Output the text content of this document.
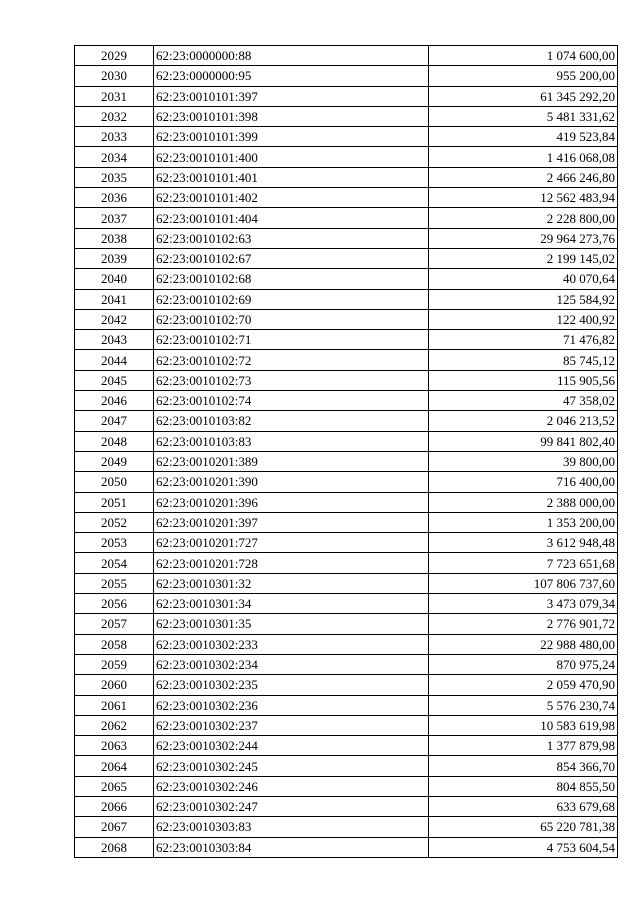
2029	62:23:0000000:88	1 074 600,00
2030	62:23:0000000:95	955 200,00
2031	62:23:0010101:397	61 345 292,20
2032	62:23:0010101:398	5 481 331,62
2033	62:23:0010101:399	419 523,84
2034	62:23:0010101:400	1 416 068,08
2035	62:23:0010101:401	2 466 246,80
2036	62:23:0010101:402	12 562 483,94
2037	62:23:0010101:404	2 228 800,00
2038	62:23:0010102:63	29 964 273,76
2039	62:23:0010102:67	2 199 145,02
2040	62:23:0010102:68	40 070,64
2041	62:23:0010102:69	125 584,92
2042	62:23:0010102:70	122 400,92
2043	62:23:0010102:71	71 476,82
2044	62:23:0010102:72	85 745,12
2045	62:23:0010102:73	115 905,56
2046	62:23:0010102:74	47 358,02
2047	62:23:0010103:82	2 046 213,52
2048	62:23:0010103:83	99 841 802,40
2049	62:23:0010201:389	39 800,00
2050	62:23:0010201:390	716 400,00
2051	62:23:0010201:396	2 388 000,00
2052	62:23:0010201:397	1 353 200,00
2053	62:23:0010201:727	3 612 948,48
2054	62:23:0010201:728	7 723 651,68
2055	62:23:0010301:32	107 806 737,60
2056	62:23:0010301:34	3 473 079,34
2057	62:23:0010301:35	2 776 901,72
2058	62:23:0010302:233	22 988 480,00
2059	62:23:0010302:234	870 975,24
2060	62:23:0010302:235	2 059 470,90
2061	62:23:0010302:236	5 576 230,74
2062	62:23:0010302:237	10 583 619,98
2063	62:23:0010302:244	1 377 879,98
2064	62:23:0010302:245	854 366,70
2065	62:23:0010302:246	804 855,50
2066	62:23:0010302:247	633 679,68
2067	62:23:0010303:83	65 220 781,38
2068	62:23:0010303:84	4 753 604,54
